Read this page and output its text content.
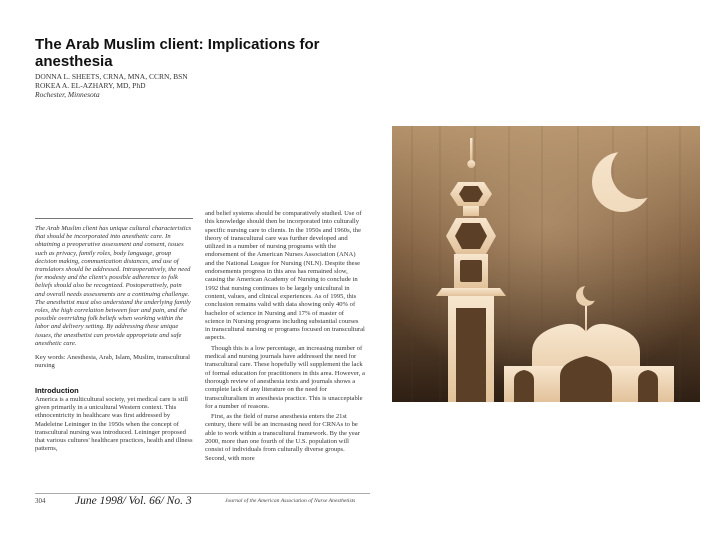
The Arab Muslim client: Implications for anesthesia
DONNA L. SHEETS, CRNA, MNA, CCRN, BSN
ROKEA A. EL-AZHARY, MD, PhD
Rochester, Minnesota
The Arab Muslim client has unique cultural characteristics that should be incorporated into anesthetic care. In obtaining a preoperative assessment and consent, issues such as privacy, family roles, body language, group decision making, communication distances, and use of translators should be addressed. Intraoperatively, the need for modesty and the client's possible adherence to folk beliefs should also be recognized. Postoperatively, pain and overall needs assessments are a continuing challenge. The anesthetist must also understand the underlying family roles, the high correlation between fear and pain, and the possible overriding folk beliefs when working within the labor and delivery setting. By addressing these unique issues, the anesthetist can provide appropriate and safe anesthetic care.
Key words: Anesthesia, Arab, Islam, Muslim, transcultural nursing
Introduction
America is a multicultural society, yet medical care is still given primarily in a unicultural Western context. This ethnocentricity in healthcare was first addressed by Madeleine Leininger in the 1950s when the concept of transcultural nursing was introduced. Leininger proposed that various cultures' healthcare practices, health and illness patterns,

and belief systems should be comparatively studied. Use of this knowledge should then be incorporated into culturally specific nursing care to clients. In the 1950s and 1960s, the theory of transcultural care was further developed and utilized in a number of nursing programs with the endorsement of the American Nurses Association (ANA) and the National League for Nursing (NLN). Despite these endorsements progress in this area has remained slow, causing the American Academy of Nursing to conclude in 1992 that nursing continues to be largely unicultural in content, values, and clinical experiences. As of 1995, this conclusion remains valid with data showing only 40% of bachelor of science in Nursing and 17% of master of science in Nursing programs including substantial courses in transcultural nursing or programs focused on transcultural aspects.

Though this is a low percentage, an increasing number of medical and nursing journals have addressed the need for transcultural care. These hopefully will supplement the lack of formal education for practitioners in this area. However, a thorough review of anesthesia texts and journals shows a complete lack of any literature on the need for transculturalism in anesthesia practice. This is unacceptable for a number of reasons.

First, as the field of nurse anesthesia enters the 21st century, there will be an increasing need for CRNAs to be able to work within a transcultural framework. By the year 2000, more than one fourth of the U.S. population will consist of individuals from culturally diverse groups. Second, with more

304	June 1998/ Vol. 66/ No. 3	Journal of the American Association of Nurse Anesthetists
